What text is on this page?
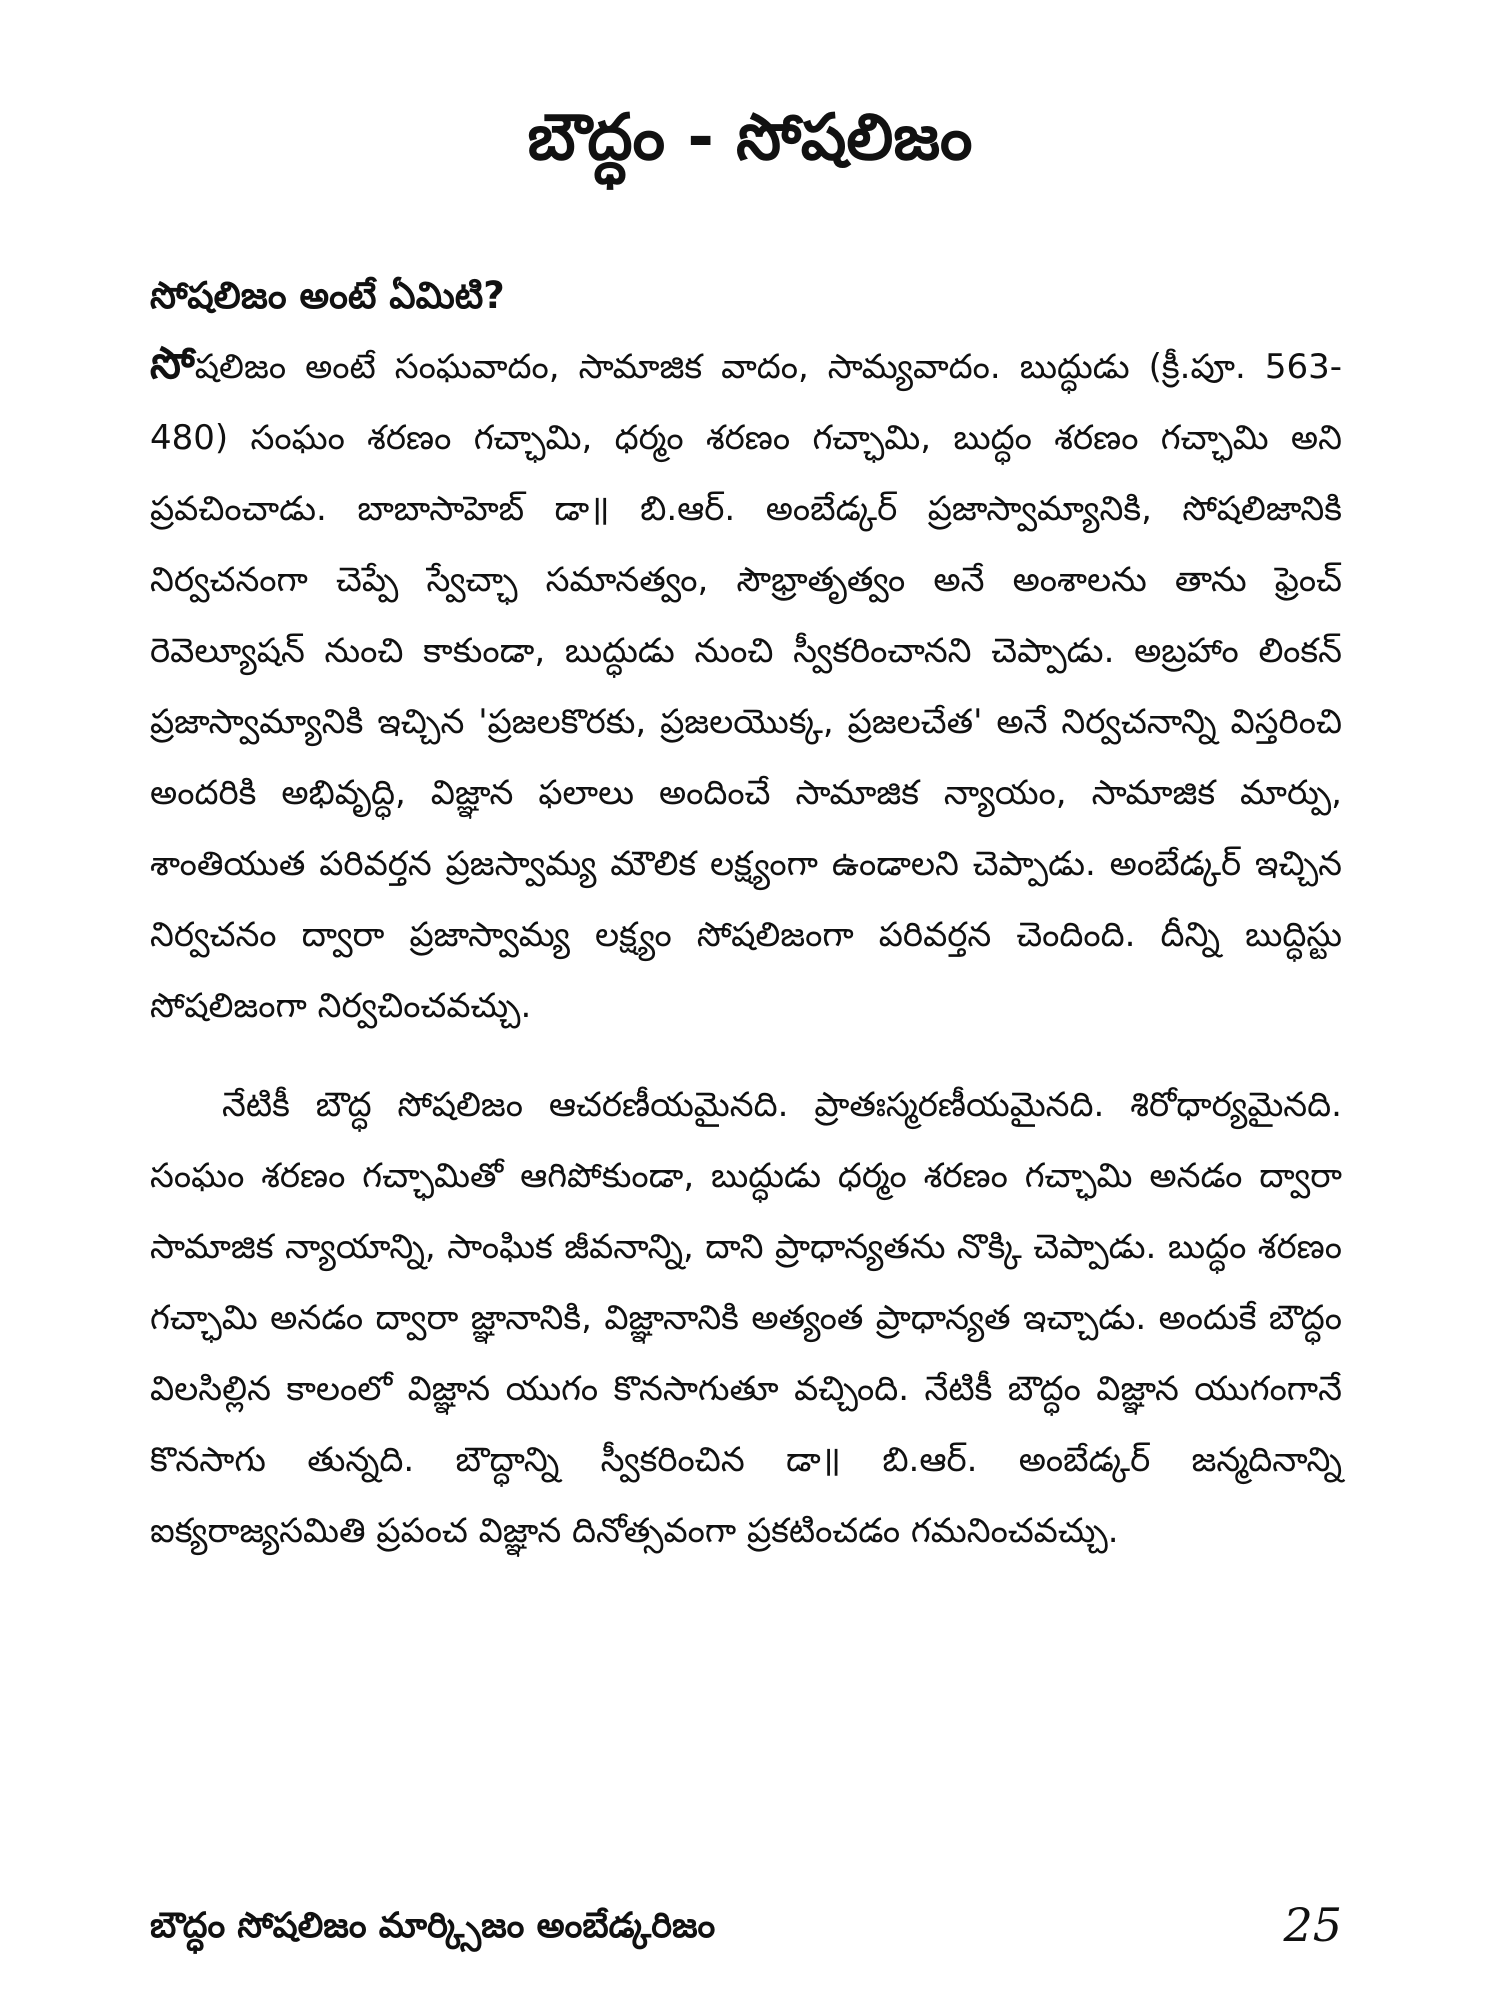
బౌద్ధం - సోషలిజం
సోషలిజం అంటే ఏమిటి?

సోషలిజం అంటే సంఘవాదం, సామాజిక వాదం, సామ్యవాదం. బుద్ధుడు (క్రీ.పూ. 563-480) సంఘం శరణం గచ్ఛామి, ధర్మం శరణం గచ్ఛామి, బుద్ధం శరణం గచ్ఛామి అని ప్రవచించాడు. బాబాసాహెబ్ డా॥ బి.ఆర్. అంబేడ్కర్ ప్రజాస్వామ్యానికి, సోషలిజానికి నిర్వచనంగా చెప్పే స్వేచ్ఛా సమానత్వం, సౌభ్రాతృత్వం అనే అంశాలను తాను ఫ్రెంచ్ రెవెల్యూషన్ నుంచి కాకుండా, బుద్ధుడు నుంచి స్వీకరించానని చెప్పాడు. అబ్రహాం లింకన్ ప్రజాస్వామ్యానికి ఇచ్చిన 'ప్రజలకొరకు, ప్రజలయొక్క, ప్రజలచేత' అనే నిర్వచనాన్ని విస్తరించి అందరికి అభివృద్ధి, విజ్ఞాన ఫలాలు అందించే సామాజిక న్యాయం, సామాజిక మార్పు, శాంతియుత పరివర్తన ప్రజస్వామ్య మౌలిక లక్ష్యంగా ఉండాలని చెప్పాడు. అంబేడ్కర్ ఇచ్చిన నిర్వచనం ద్వారా ప్రజాస్వామ్య లక్ష్యం సోషలిజంగా పరివర్తన చెందింది. దీన్ని బుద్ధిస్టు సోషలిజంగా నిర్వచించవచ్చు.

నేటికీ బౌద్ధ సోషలిజం ఆచరణీయమైనది. ప్రాతఃస్మరణీయమైనది. శిరోధార్యమైనది. సంఘం శరణం గచ్ఛామితో ఆగిపోకుండా, బుద్ధుడు ధర్మం శరణం గచ్ఛామి అనడం ద్వారా సామాజిక న్యాయాన్ని, సాంఘిక జీవనాన్ని, దాని ప్రాధాన్యతను నొక్కి చెప్పాడు. బుద్ధం శరణం గచ్ఛామి అనడం ద్వారా జ్ఞానానికి, విజ్ఞానానికి అత్యంత ప్రాధాన్యత ఇచ్చాడు. అందుకే బౌద్ధం విలసిల్లిన కాలంలో విజ్ఞాన యుగం కొనసాగుతూ వచ్చింది. నేటికీ బౌద్ధం విజ్ఞాన యుగంగానే కొనసాగు తున్నది. బౌద్ధాన్ని స్వీకరించిన డా॥ బి.ఆర్. అంబేడ్కర్ జన్మదినాన్ని ఐక్యరాజ్యసమితి ప్రపంచ విజ్ఞాన దినోత్సవంగా ప్రకటించడం గమనించవచ్చు.

బౌద్ధం సోషలిజం మార్క్సిజం అంబేడ్కరిజం	25
